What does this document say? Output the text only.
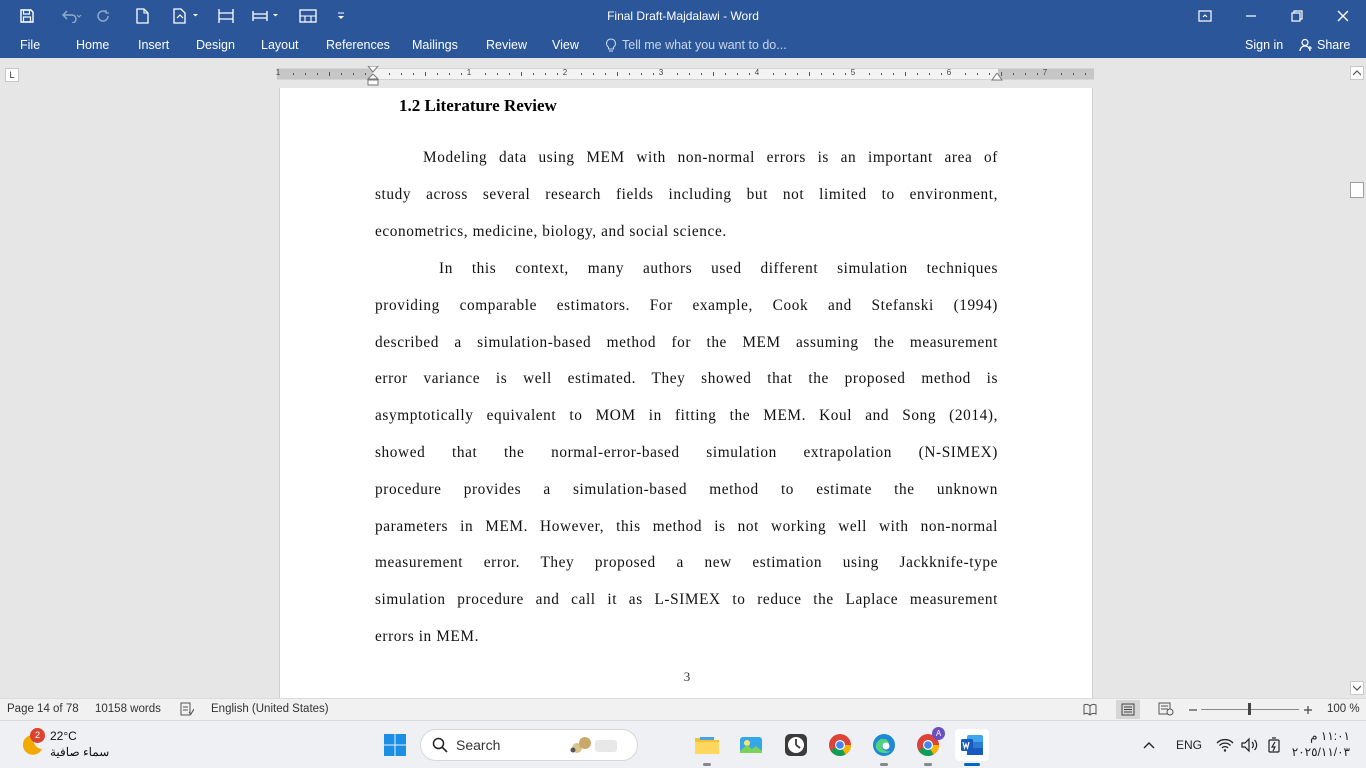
Final Draft-Majdalawi - Word
File	Home Insert Design Layout References Mailings Review View	Tell me what you want to do...	Sign in	Share
L	1	1	2	3	4	5	6	7
1.2 Literature Review
Modeling data using MEM with non-normal errors is an important area of
study across several research fields including but not limited to environment,
econometrics, medicine, biology, and social science.
In this context, many authors used different simulation techniques
providing comparable estimators. For example, Cook and Stefanski (1994)
described a simulation-based method for the MEM assuming the measurement
error variance is well estimated. They showed that the proposed method is
asymptotically equivalent to MOM in fitting the MEM. Koul and Song (2014),
showed that the normal-error-based simulation extrapolation (N-SIMEX)
procedure provides a simulation-based method to estimate the unknown
parameters in MEM. However, this method is not working well with non-normal
measurement error. They proposed a new estimation using Jackknife-type
simulation procedure and call it as L-SIMEX to reduce the Laplace measurement
errors in MEM.
3
Page 14 of 78 10158 words	English (United States)	100 %
2 22°C
سماء صافية	Search
A
ENG
١١:٠١ م
٢٠٢٥/١١/٠٣
